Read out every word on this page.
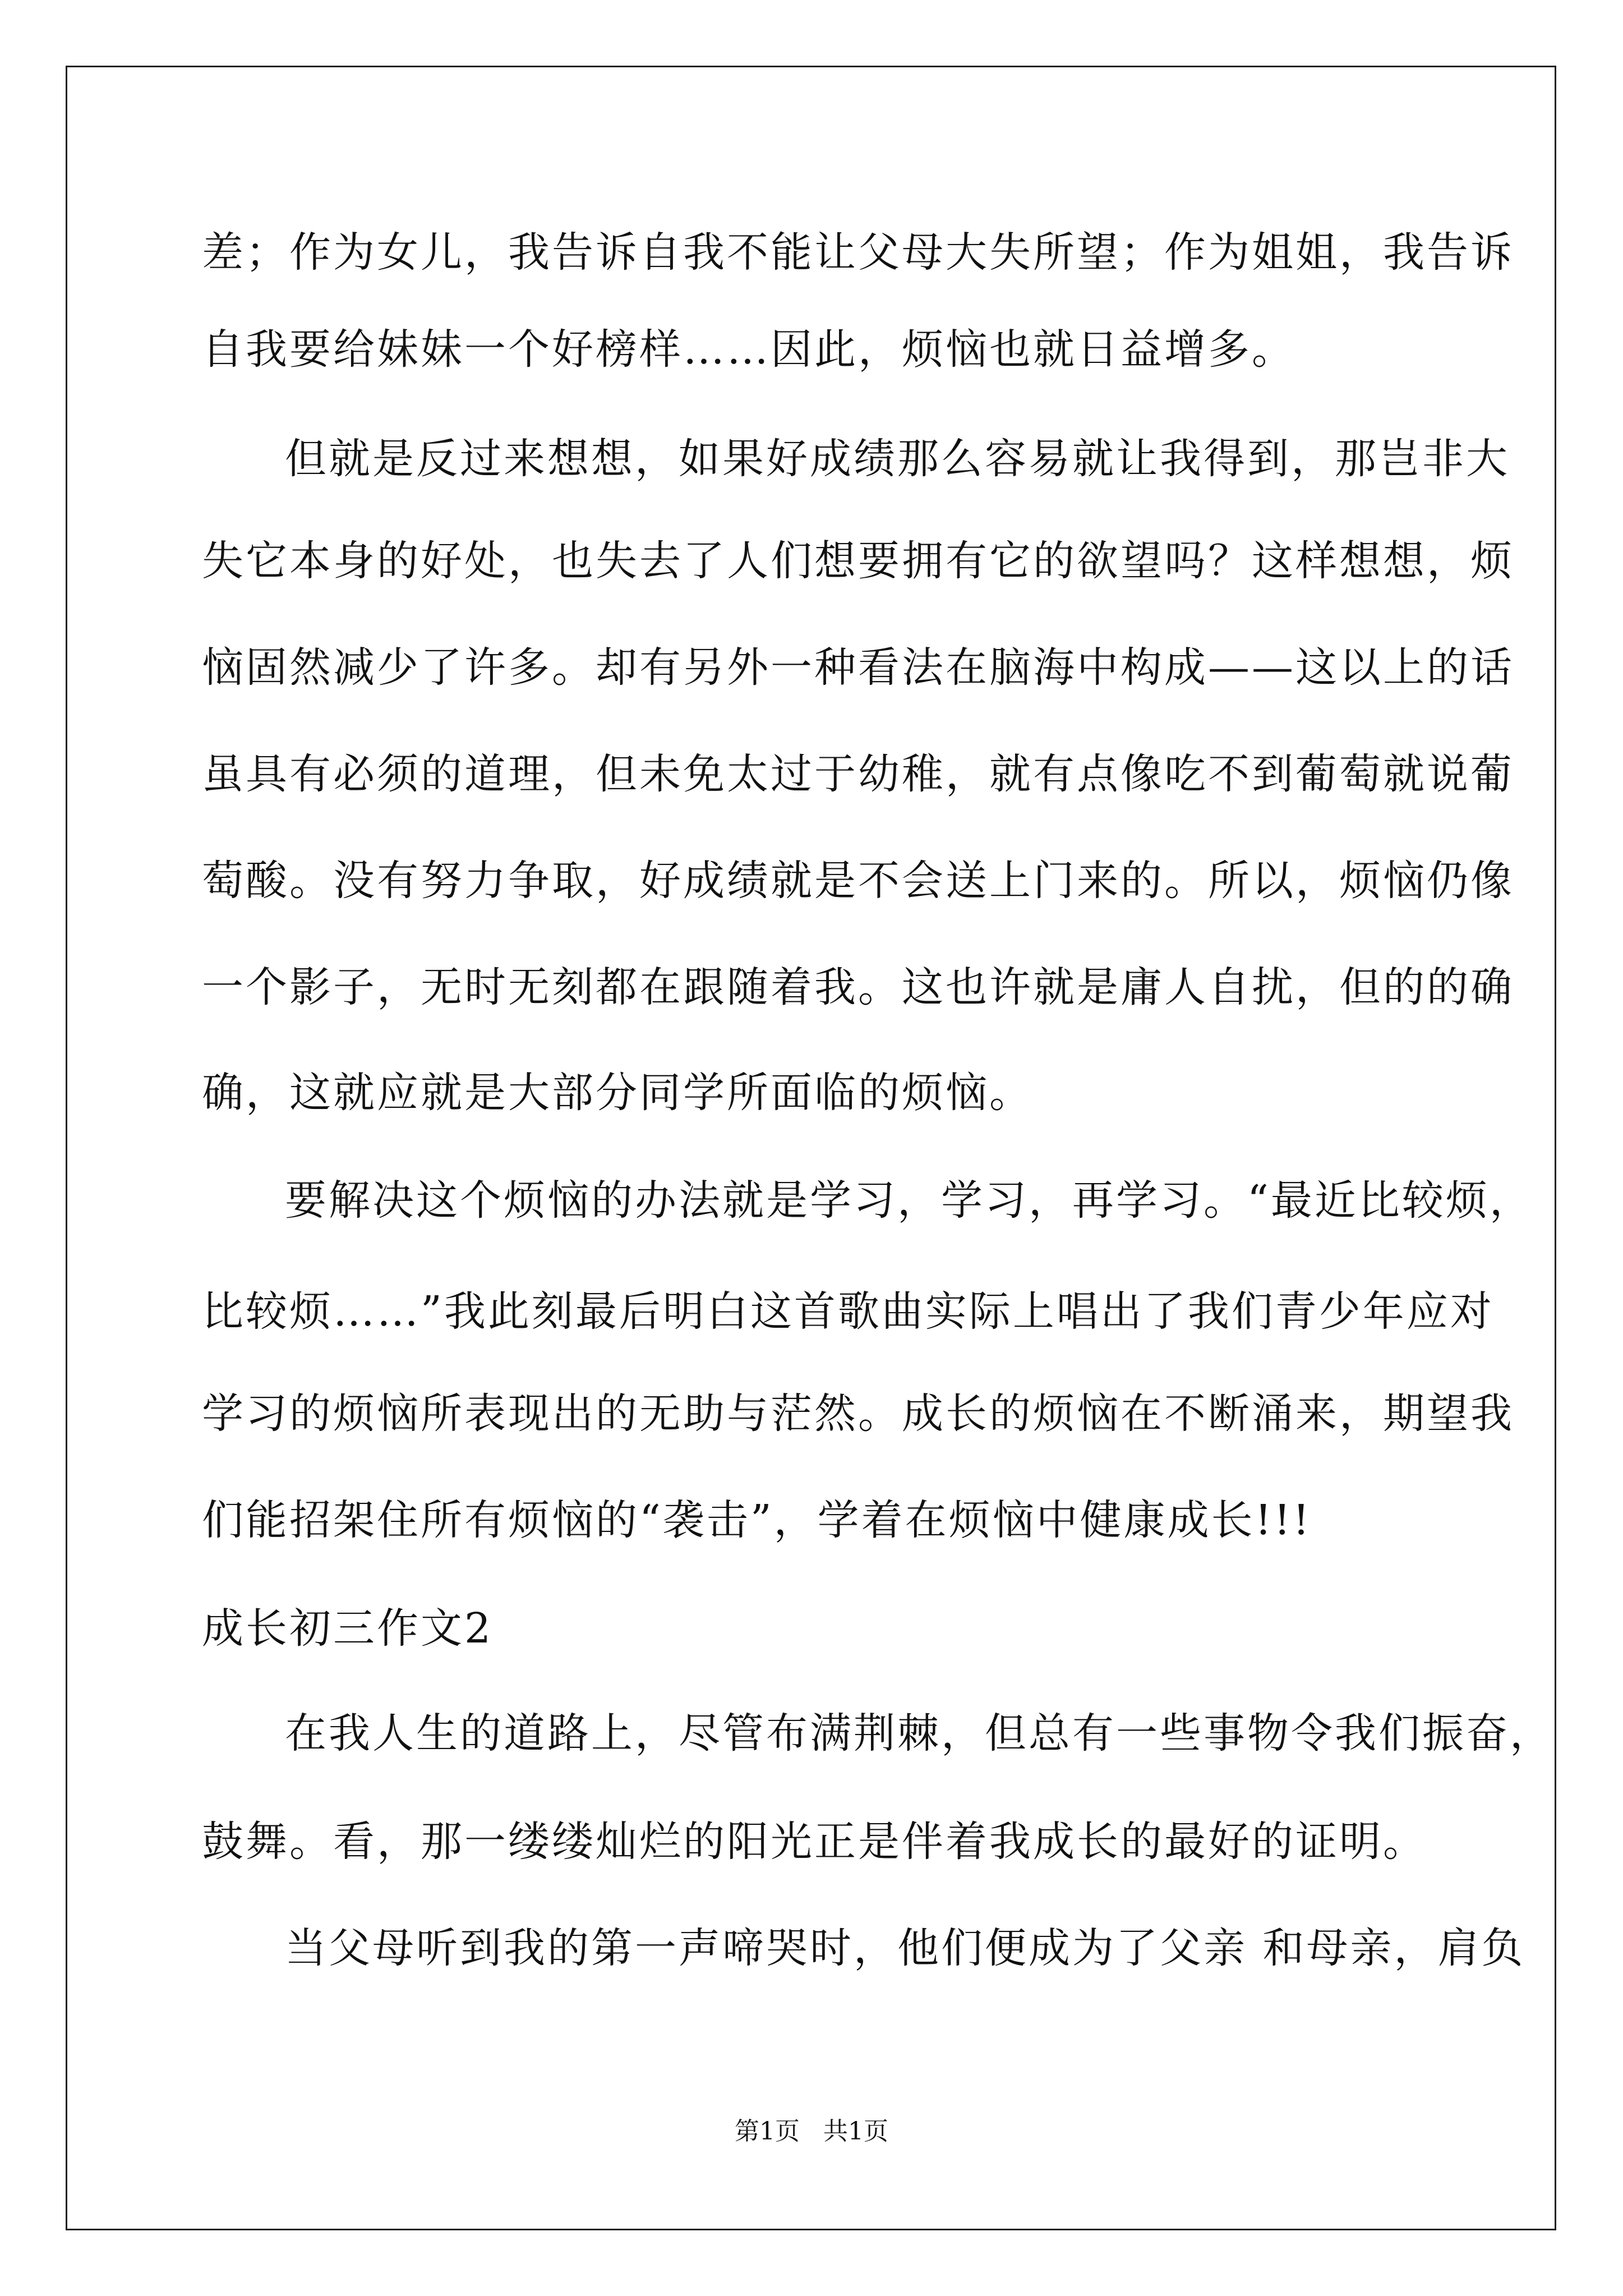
差；作为女儿，我告诉自我不能让父母大失所望；作为姐姐，我告诉
自我要给妹妹一个好榜样……因此，烦恼也就日益增多。
但就是反过来想想，如果好成绩那么容易就让我得到，那岂非大
失它本身的好处，也失去了人们想要拥有它的欲望吗？这样想想，烦
恼固然减少了许多。却有另外一种看法在脑海中构成——这以上的话
虽具有必须的道理，但未免太过于幼稚，就有点像吃不到葡萄就说葡
萄酸。没有努力争取，好成绩就是不会送上门来的。所以，烦恼仍像
一个影子，无时无刻都在跟随着我。这也许就是庸人自扰，但的的确
确，这就应就是大部分同学所面临的烦恼。
要解决这个烦恼的办法就是学习，学习，再学习。“最近比较烦，
比较烦……”我此刻最后明白这首歌曲实际上唱出了我们青少年应对
学习的烦恼所表现出的无助与茫然。成长的烦恼在不断涌来，期望我
们能招架住所有烦恼的“袭击”，学着在烦恼中健康成长!!!
成长初三作文2
在我人生的道路上，尽管布满荆棘，但总有一些事物令我们振奋，
鼓舞。看，那一缕缕灿烂的阳光正是伴着我成长的最好的证明。
当父母听到我的第一声啼哭时，他们便成为了父亲 和母亲，肩负
第1页 共1页
